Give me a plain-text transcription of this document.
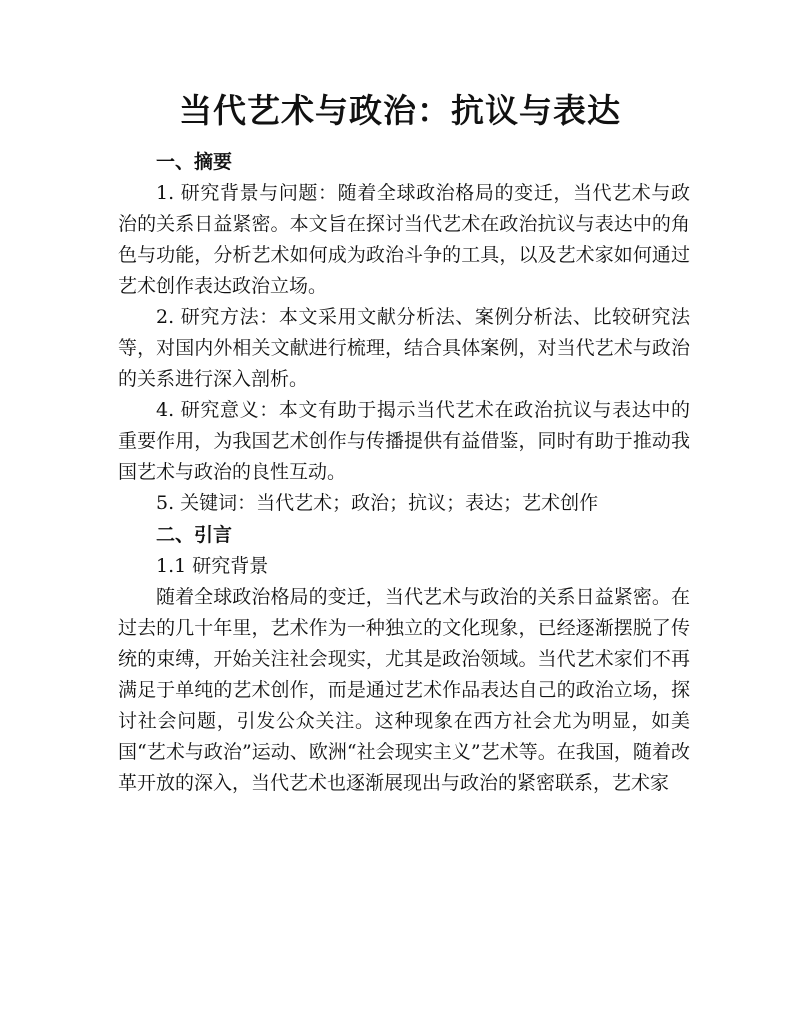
当代艺术与政治：抗议与表达

一、摘要

1. 研究背景与问题：随着全球政治格局的变迁，当代艺术与政治的关系日益紧密。本文旨在探讨当代艺术在政治抗议与表达中的角色与功能，分析艺术如何成为政治斗争的工具，以及艺术家如何通过艺术创作表达政治立场。

2. 研究方法：本文采用文献分析法、案例分析法、比较研究法等，对国内外相关文献进行梳理，结合具体案例，对当代艺术与政治的关系进行深入剖析。

4. 研究意义：本文有助于揭示当代艺术在政治抗议与表达中的重要作用，为我国艺术创作与传播提供有益借鉴，同时有助于推动我国艺术与政治的良性互动。

5. 关键词：当代艺术；政治；抗议；表达；艺术创作

二、引言

1.1 研究背景

随着全球政治格局的变迁，当代艺术与政治的关系日益紧密。在过去的几十年里，艺术作为一种独立的文化现象，已经逐渐摆脱了传统的束缚，开始关注社会现实，尤其是政治领域。当代艺术家们不再满足于单纯的艺术创作，而是通过艺术作品表达自己的政治立场，探讨社会问题，引发公众关注。这种现象在西方社会尤为明显，如美国“艺术与政治”运动、欧洲“社会现实主义”艺术等。在我国，随着改革开放的深入，当代艺术也逐渐展现出与政治的紧密联系，艺术家
